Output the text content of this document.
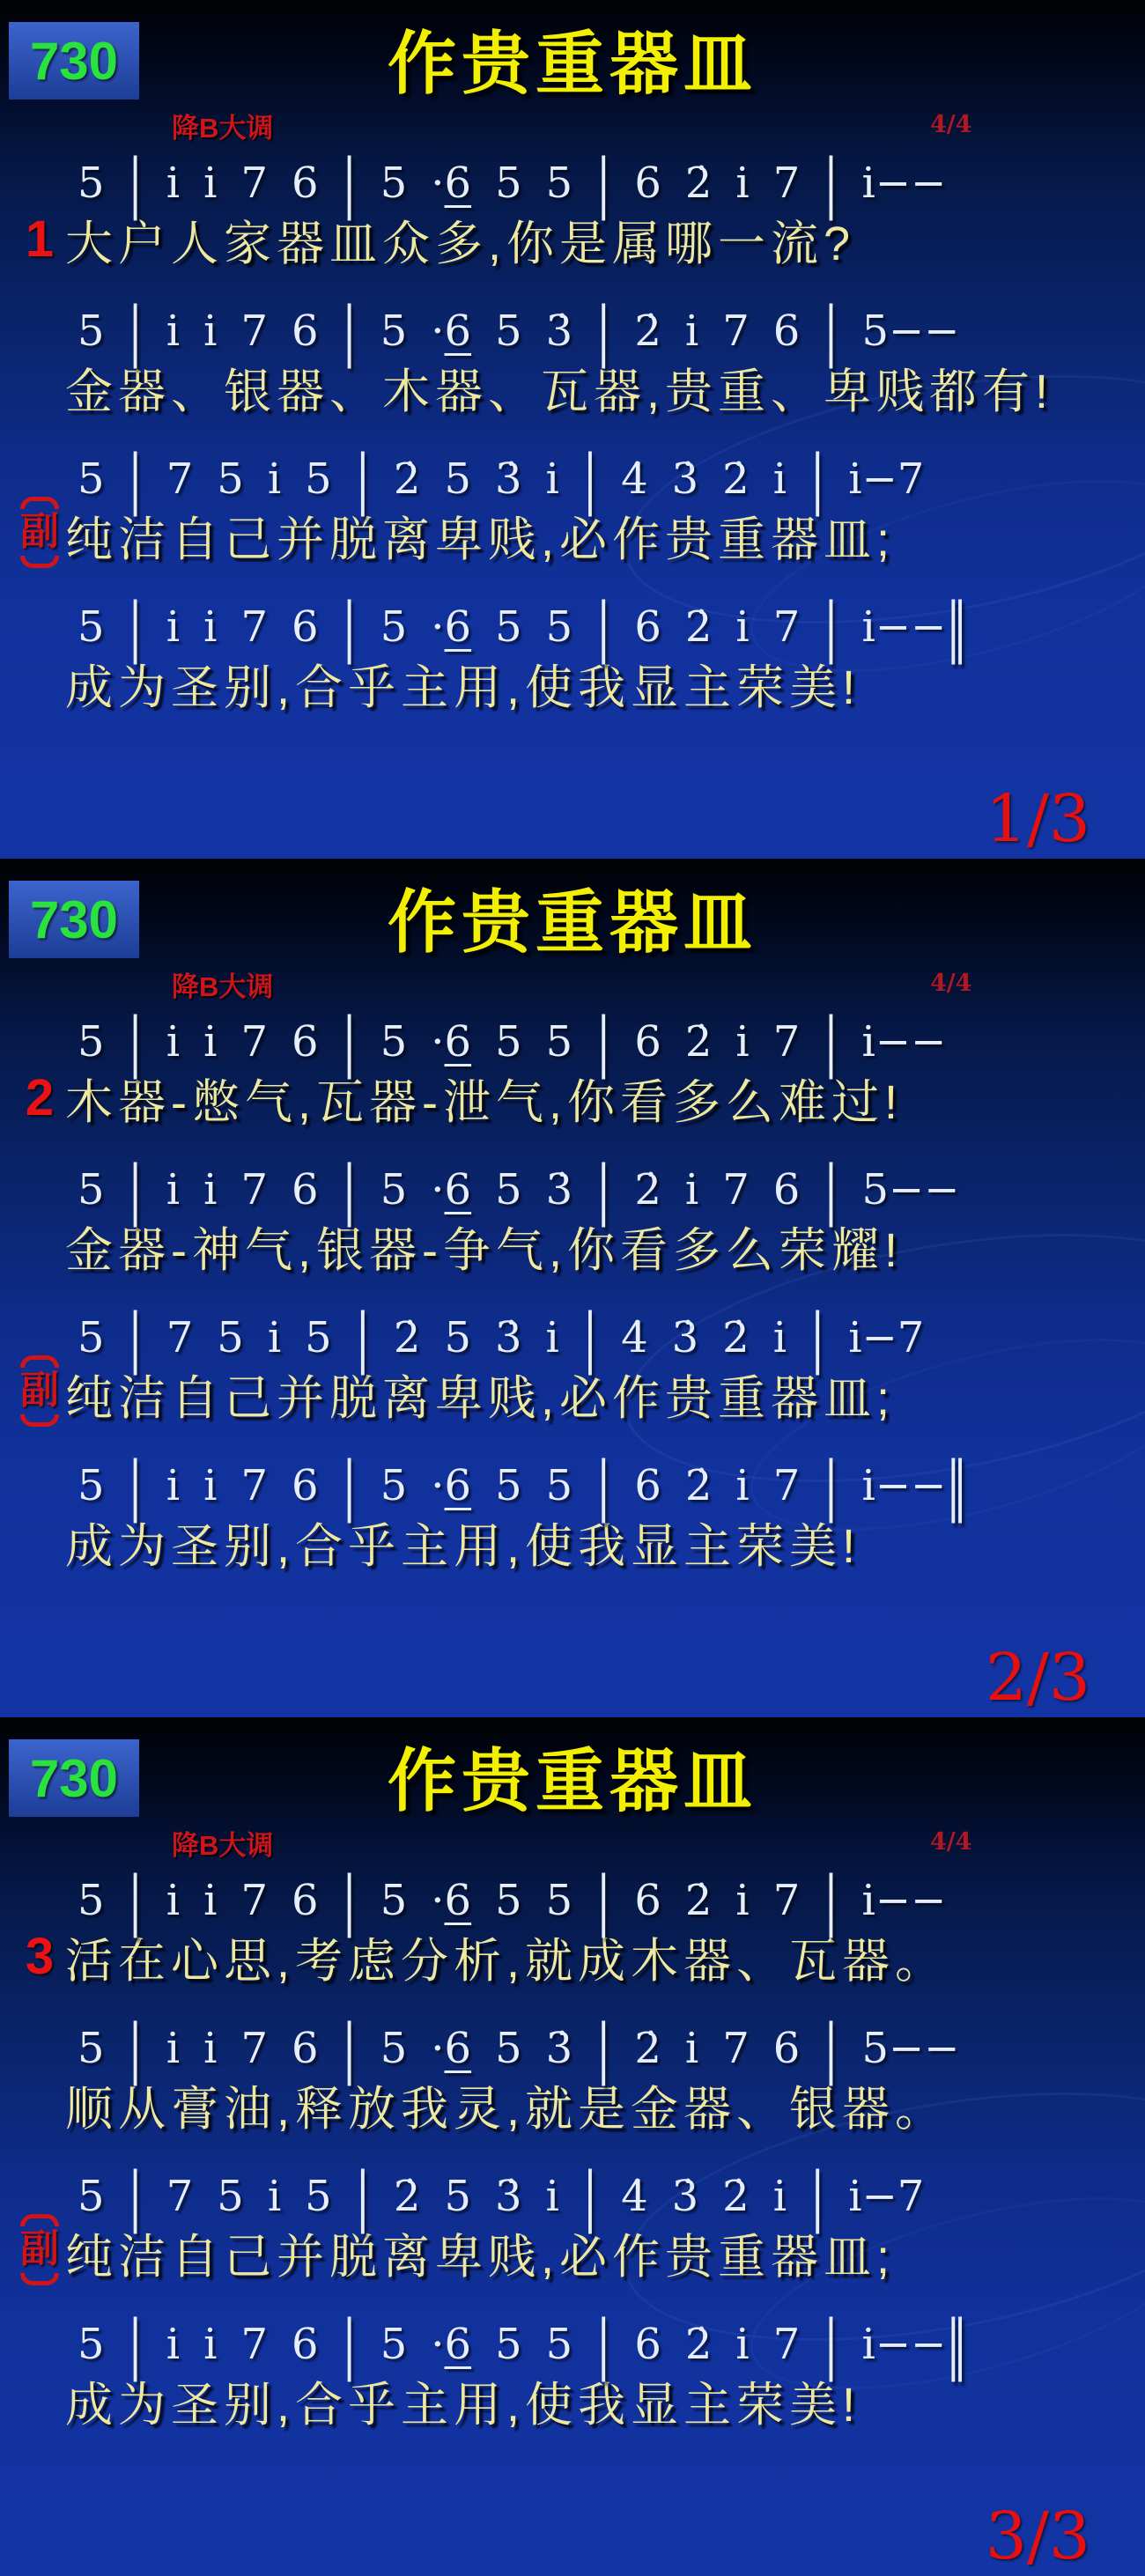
730	作贵重器皿
降B大调	4/4
5 | i i 7 6 | 5 ·6 5 5 | 6 2̇ i 7 | i−−
1 大户人家器皿众多,你是属哪一流?
5 | i i 7 6 | 5 ·6 5 3̇ | 2̇ i 7 6 | 5−−
金器、银器、木器、瓦器,贵重、卑贱都有!
5 | 7 5 i 5 | 2̇ 5 3̇ i | 4̇ 3̇ 2̇ i | i−7
副 纯洁自己并脱离卑贱,必作贵重器皿;
5 | i i 7 6 | 5 ·6 5 5 | 6 2̇ i 7 | i−−‖
成为圣别,合乎主用,使我显主荣美!
1/3
730	作贵重器皿
降B大调	4/4
5 | i i 7 6 | 5 ·6 5 5 | 6 2̇ i 7 | i−−
2 木器-憋气,瓦器-泄气,你看多么难过!
5 | i i 7 6 | 5 ·6 5 3̇ | 2̇ i 7 6 | 5−−
金器-神气,银器-争气,你看多么荣耀!
5 | 7 5 i 5 | 2̇ 5 3̇ i | 4̇ 3̇ 2̇ i | i−7
副 纯洁自己并脱离卑贱,必作贵重器皿;
5 | i i 7 6 | 5 ·6 5 5 | 6 2̇ i 7 | i−−‖
成为圣别,合乎主用,使我显主荣美!
2/3
730	作贵重器皿
降B大调	4/4
5 | i i 7 6 | 5 ·6 5 5 | 6 2̇ i 7 | i−−
3 活在心思,考虑分析,就成木器、瓦器。
5 | i i 7 6 | 5 ·6 5 3̇ | 2̇ i 7 6 | 5−−
顺从膏油,释放我灵,就是金器、银器。
5 | 7 5 i 5 | 2̇ 5 3̇ i | 4̇ 3̇ 2̇ i | i−7
副 纯洁自己并脱离卑贱,必作贵重器皿;
5 | i i 7 6 | 5 ·6 5 5 | 6 2̇ i 7 | i−−‖
成为圣别,合乎主用,使我显主荣美!
3/3
